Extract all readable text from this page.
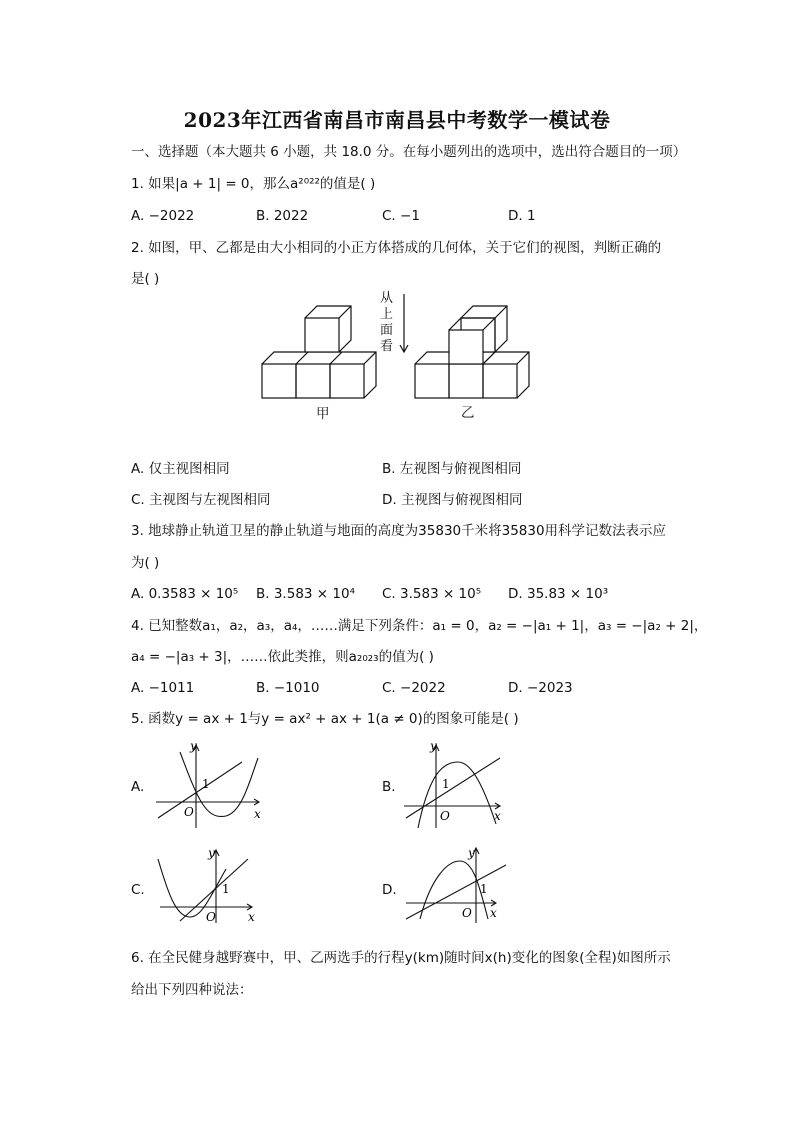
2023年江西省南昌市南昌县中考数学一模试卷
一、选择题（本大题共 6 小题，共 18.0 分。在每小题列出的选项中，选出符合题目的一项）
1. 如果|a + 1| = 0，那么a²⁰²²的值是( )
A. −2022	B. 2022	C. −1	D. 1
2. 如图，甲、乙都是由大小相同的小正方体搭成的几何体，关于它们的视图，判断正确的
是( )
从
上
面
看
甲	乙
A. 仅主视图相同	B. 左视图与俯视图相同
C. 主视图与左视图相同	D. 主视图与俯视图相同
3. 地球静止轨道卫星的静止轨道与地面的高度为35830千米将35830用科学记数法表示应
为( )
A. 0.3583 × 10⁵ B. 3.583 × 10⁴ C. 3.583 × 10⁵ D. 35.83 × 10³
4. 已知整数a₁，a₂，a₃，a₄，……满足下列条件：a₁ = 0，a₂ = −|a₁ + 1|，a₃ = −|a₂ + 2|，
a₄ = −|a₃ + 3|，……依此类推，则a₂₀₂₃的值为( )
A. −1011	B. −1010	C. −2022	D. −2023
5. 函数y = ax + 1与y = ax² + ax + 1(a ≠ 0)的图象可能是( )
A.	B.
C.	D.
y
x
O
1
y
x
O
1
y
x
O
1
y
x
O
1
6. 在全民健身越野赛中，甲、乙两选手的行程y(km)随时间x(h)变化的图象(全程)如图所示
给出下列四种说法：
